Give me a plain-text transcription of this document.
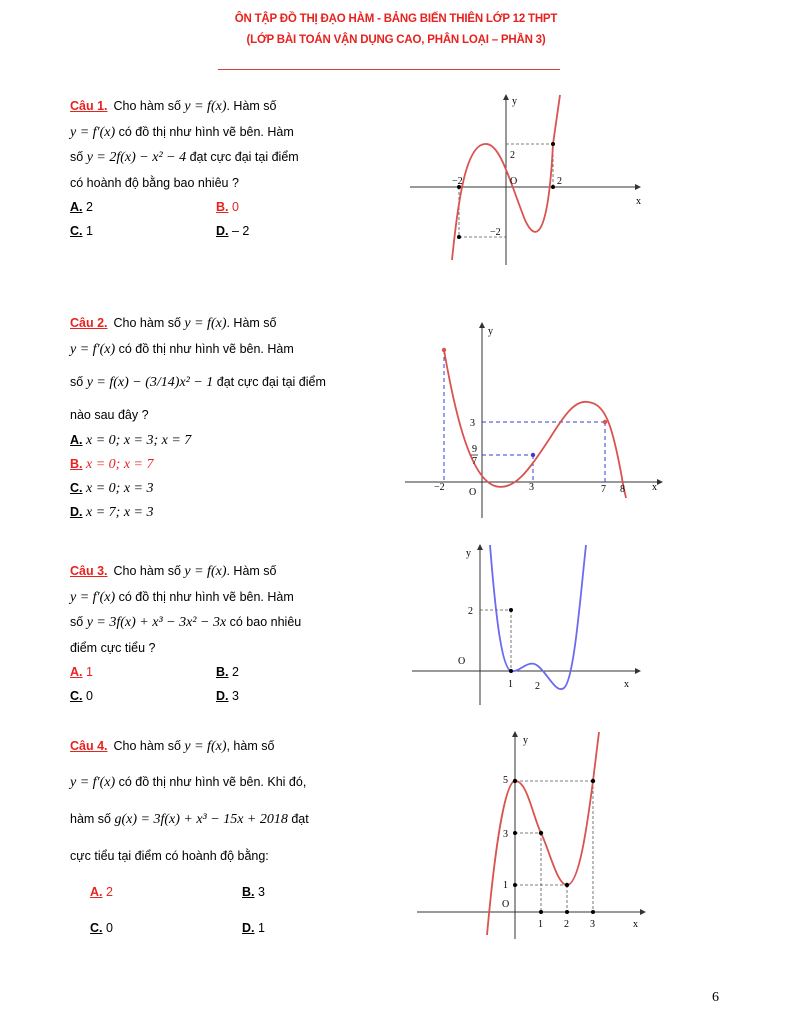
ÔN TẬP ĐỒ THỊ ĐẠO HÀM - BẢNG BIẾN THIÊN LỚP 12 THPT
(LỚP BÀI TOÁN VẬN DỤNG CAO, PHÂN LOẠI – PHẦN 3)

Câu 1. Cho hàm số y = f(x). Hàm số

y = f′(x) có đồ thị như hình vẽ bên. Hàm

số y = 2f(x) − x² − 4 đạt cực đại tại điểm

có hoành độ bằng bao nhiêu ?

A. 2	B. 0
C. 1	D. – 2
y
x
O
−2	2
2
−2

Câu 2. Cho hàm số y = f(x). Hàm số

y = f′(x) có đồ thị như hình vẽ bên. Hàm

số y = f(x) − (3/14)x² − 1 đạt cực đại tại điểm

nào sau đây ?

A. x = 0; x = 3; x = 7
B. x = 0; x = 7
C. x = 0; x = 3
D. x = 7; x = 3
y
x
O
−2	3	7 8
3
9
7

Câu 3. Cho hàm số y = f(x). Hàm số

y = f′(x) có đồ thị như hình vẽ bên. Hàm

số y = 3f(x) + x³ − 3x² − 3x có bao nhiêu

điểm cực tiểu ?

A. 1	B. 2
C. 0	D. 3
y
x
O
1 2
2

Câu 4. Cho hàm số y = f(x), hàm số

y = f′(x) có đồ thị như hình vẽ bên. Khi đó,

hàm số g(x) = 3f(x) + x³ − 15x + 2018 đạt

cực tiểu tại điểm có hoành độ bằng:

A. 2	B. 3
C. 0	D. 1
y
x
O
5
3
1
1 2 3
6
